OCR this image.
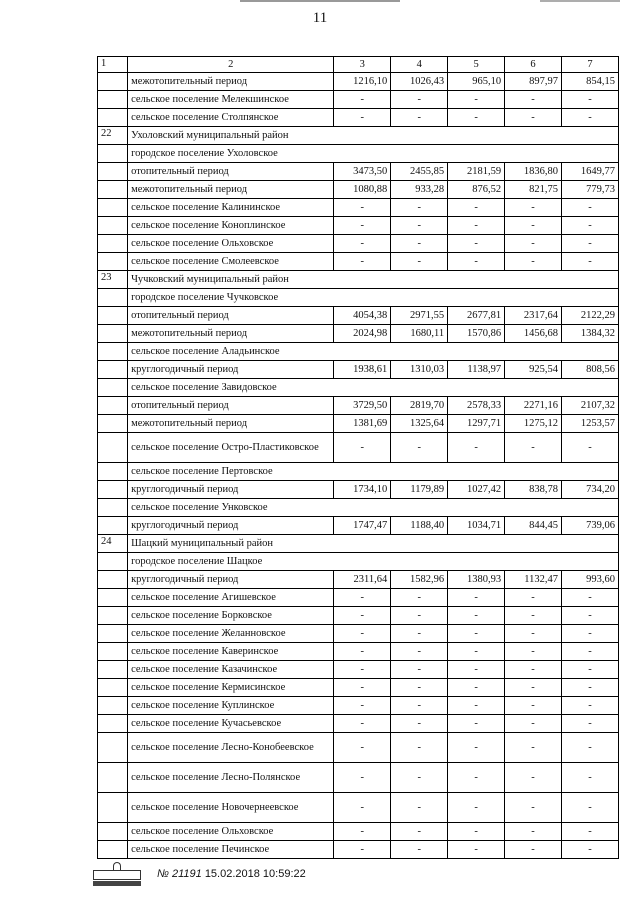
11
1	2	3	4	5	6	7
	межотопительный период	1216,10	1026,43	965,10	897,97	854,15
	сельское поселение Мелекшинское	-	-	-	-	-
	сельское поселение Столпянское	-	-	-	-	-
22	Ухоловский муниципальный район					
	городское поселение Ухоловское					
	отопительный период	3473,50	2455,85	2181,59	1836,80	1649,77
	межотопительный период	1080,88	933,28	876,52	821,75	779,73
	сельское поселение Калининское	-	-	-	-	-
	сельское поселение Коноплинское	-	-	-	-	-
	сельское поселение Ольховское	-	-	-	-	-
	сельское поселение Смолеевское	-	-	-	-	-
23	Чучковский муниципальный район					
	городское поселение Чучковское					
	отопительный период	4054,38	2971,55	2677,81	2317,64	2122,29
	межотопительный период	2024,98	1680,11	1570,86	1456,68	1384,32
	сельское поселение Аладьинское					
	круглогодичный период	1938,61	1310,03	1138,97	925,54	808,56
	сельское поселение Завидовское					
	отопительный период	3729,50	2819,70	2578,33	2271,16	2107,32
	межотопительный период	1381,69	1325,64	1297,71	1275,12	1253,57
	сельское поселение Остро-Пластиковское	-	-	-	-	-
	сельское поселение Пертовское					
	круглогодичный период	1734,10	1179,89	1027,42	838,78	734,20
	сельское поселение Унковское					
	круглогодичный период	1747,47	1188,40	1034,71	844,45	739,06
24	Шацкий муниципальный район					
	городское поселение Шацкое					
	круглогодичный период	2311,64	1582,96	1380,93	1132,47	993,60
	сельское поселение Агишевское	-	-	-	-	-
	сельское поселение Борковское	-	-	-	-	-
	сельское поселение Желанновское	-	-	-	-	-
	сельское поселение Каверинское	-	-	-	-	-
	сельское поселение Казачинское	-	-	-	-	-
	сельское поселение Кермисинское	-	-	-	-	-
	сельское поселение Куплинское	-	-	-	-	-
	сельское поселение Кучасьевское	-	-	-	-	-
	сельское поселение Лесно-Конобеевское	-	-	-	-	-
	сельское поселение Лесно-Полянское	-	-	-	-	-
	сельское поселение Новочернеевское	-	-	-	-	-
	сельское поселение Ольховское	-	-	-	-	-
	сельское поселение Печинское	-	-	-	-	-
№ 21191 15.02.2018 10:59:22
